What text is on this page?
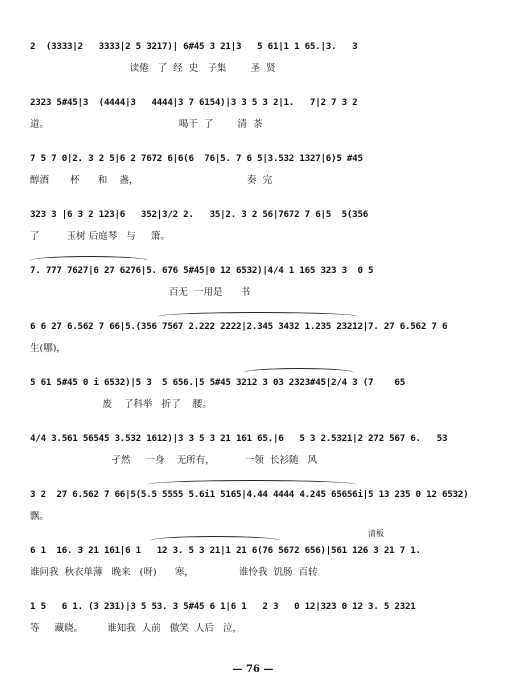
2  (3333|2   3333|2 5 3217)| 6#45 3 21|3   5 61|1 1 65.|3.   3
读倦   了  经  史   子集        圣  贤
2323 5#45|3  (4444|3   4444|3 7 6154)|3 3 5 3 2|1.   7|2 7 3 2
道。                                           喝干  了        清  茶
7 5 7 0|2. 3 2 5|6 2 7672 6|6(6  76|5. 7 6 5|3.532 1327|6)5 #45
醇酒       杯      和    盏，                                    奏  完
323 3 |6 3 2 123|6   352|3/2 2.   35|2. 3 2 56|7672 7 6|5  5(356
了         玉树 后庭琴   与     箫。
7. 777 7627|6 27 6276|5. 676 5#45|0 12 6532)|4/4 1 165 323 3  0 5
百无  一用是      书
6 6 27 6.562 7 66|5.(356 7567 2.222 2222|2.345 3432 1.235 23212|7. 27 6.562 7 6
生(哪)，
5 61 5#45 0 i 6532)|5 3  5 656.|5 5#45 3212 3 03 2323#45|2/4 3 (7    65
废    了科举   折了    腰。
4/4 3.561 56545 3.532 1612)|3 3 5 3 21 161 65.|6   5 3 2.5321|2 272 567 6.   53
孑然     一身    无所有，          一领  长衫随   风
3 2  27 6.562 7 66|5(5.5 5555 5.6i1 5165|4.44 4444 4.245 65656i|5 13 235 0 12 6532)
飘。
清板
6 1  16. 3 21 161|6 1   12 3. 5 3 21|1 21 6(76 5672 656)|561 126 3 21 7 1.
谁问我  秋衣单薄   晚来   (呀)      寒，               谁怜我  饥肠  百转
1 5   6 1. (3 231)|3 5 53. 3 5#45 6 1|6 1   2 3   0 12|323 0 12 3. 5 2321
等     藏晓。        谁知我  人前   傲笑  人后   泣，
— 76 —
